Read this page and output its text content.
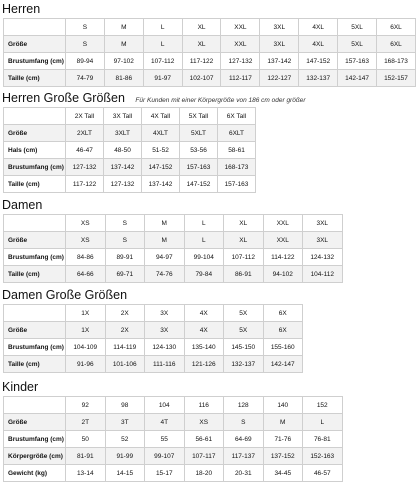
Herren
	S	M	L	XL	XXL	3XL	4XL	5XL	6XL
Größe	S	M	L	XL	XXL	3XL	4XL	5XL	6XL
Brustumfang (cm)	89-94	97-102	107-112	117-122	127-132	137-142	147-152	157-163	168-173
Taille (cm)	74-79	81-86	91-97	102-107	112-117	122-127	132-137	142-147	152-157
Herren Große Größen Für Kunden mit einer Körpergröße von 186 cm oder größer
	2X Tall	3X Tall	4X Tall	5X Tall	6X Tall
Größe	2XLT	3XLT	4XLT	5XLT	6XLT
Hals (cm)	46-47	48-50	51-52	53-56	58-61
Brustumfang (cm)	127-132	137-142	147-152	157-163	168-173
Taille (cm)	117-122	127-132	137-142	147-152	157-163
Damen
	XS	S	M	L	XL	XXL	3XL
Größe	XS	S	M	L	XL	XXL	3XL
Brustumfang (cm)	84-86	89-91	94-97	99-104	107-112	114-122	124-132
Taille (cm)	64-66	69-71	74-76	79-84	86-91	94-102	104-112
Damen Große Größen
	1X	2X	3X	4X	5X	6X
Größe	1X	2X	3X	4X	5X	6X
Brustumfang (cm)	104-109	114-119	124-130	135-140	145-150	155-160
Taille (cm)	91-96	101-106	111-116	121-126	132-137	142-147
Kinder
	92	98	104	116	128	140	152
Größe	2T	3T	4T	XS	S	M	L
Brustumfang (cm)	50	52	55	56-61	64-69	71-76	76-81
Körpergröße (cm)	81-91	91-99	99-107	107-117	117-137	137-152	152-163
Gewicht (kg)	13-14	14-15	15-17	18-20	20-31	34-45	46-57
